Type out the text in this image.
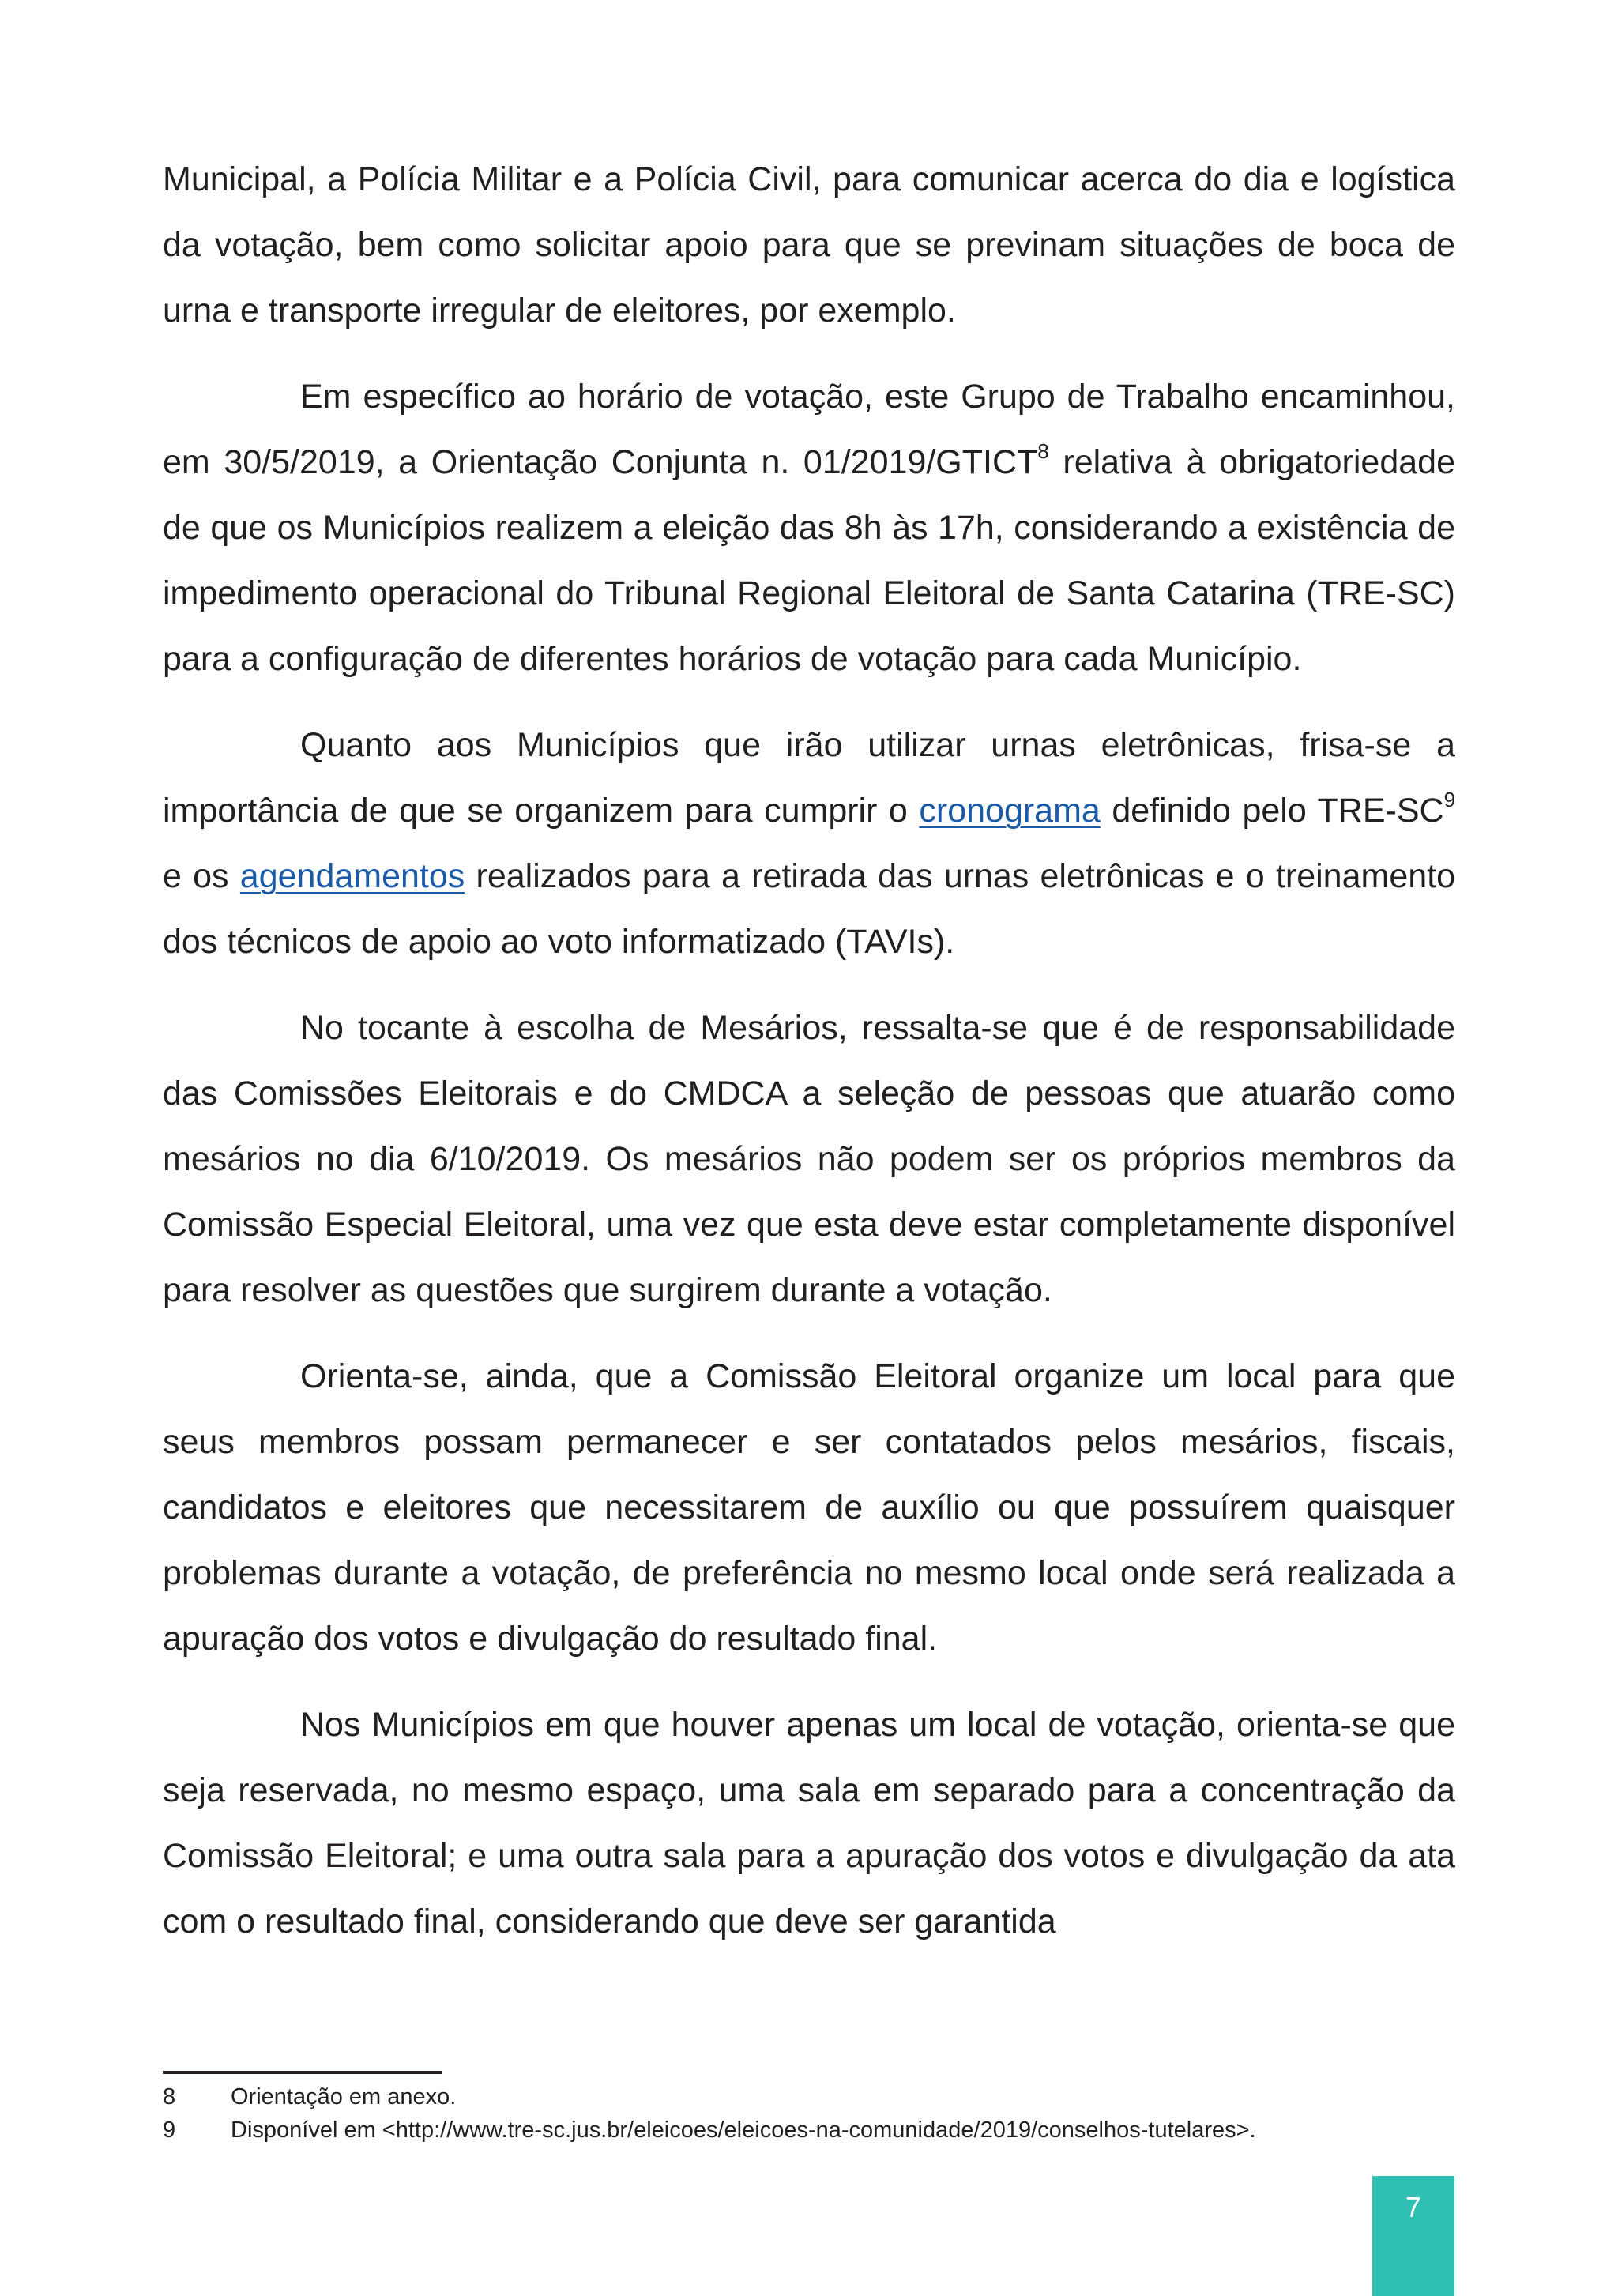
Municipal, a Polícia Militar e a Polícia Civil, para comunicar acerca do dia e logística da votação, bem como solicitar apoio para que se previnam situações de boca de urna e transporte irregular de eleitores, por exemplo.

Em específico ao horário de votação, este Grupo de Trabalho encaminhou, em 30/5/2019, a Orientação Conjunta n. 01/2019/GTICT$^8$ relativa à obrigatoriedade de que os Municípios realizem a eleição das 8h às 17h, considerando a existência de impedimento operacional do Tribunal Regional Eleitoral de Santa Catarina (TRE-SC) para a configuração de diferentes horários de votação para cada Município.

Quanto aos Municípios que irão utilizar urnas eletrônicas, frisa-se a importância de que se organizem para cumprir o cronograma definido pelo TRE-$SC^9$ e os agendamentos realizados para a retirada das urnas eletrônicas e o treinamento dos técnicos de apoio ao voto informatizado (TAVIs).

No tocante à escolha de Mesários, ressalta-se que é de responsabilidade das Comissões Eleitorais e do CMDCA a seleção de pessoas que atuarão como mesários no dia 6/10/2019. Os mesários não podem ser os próprios membros da Comissão Especial Eleitoral, uma vez que esta deve estar completamente disponível para resolver as questões que surgirem durante a votação.

Orienta-se, ainda, que a Comissão Eleitoral organize um local para que seus membros possam permanecer e ser contatados pelos mesários, fiscais, candidatos e eleitores que necessitarem de auxílio ou que possuírem quaisquer problemas durante a votação, de preferência no mesmo local onde será realizada a apuração dos votos e divulgação do resultado final.

Nos Municípios em que houver apenas um local de votação, orienta-se que seja reservada, no mesmo espaço, uma sala em separado para a concentração da Comissão Eleitoral; e uma outra sala para a apuração dos votos e divulgação da ata com o resultado final, considerando que deve ser garantida

8	Orientação em anexo.
9	Disponível em <http://www.tre-sc.jus.br/eleicoes/eleicoes-na-comunidade/2019/conselhos-tutelares>.
7
